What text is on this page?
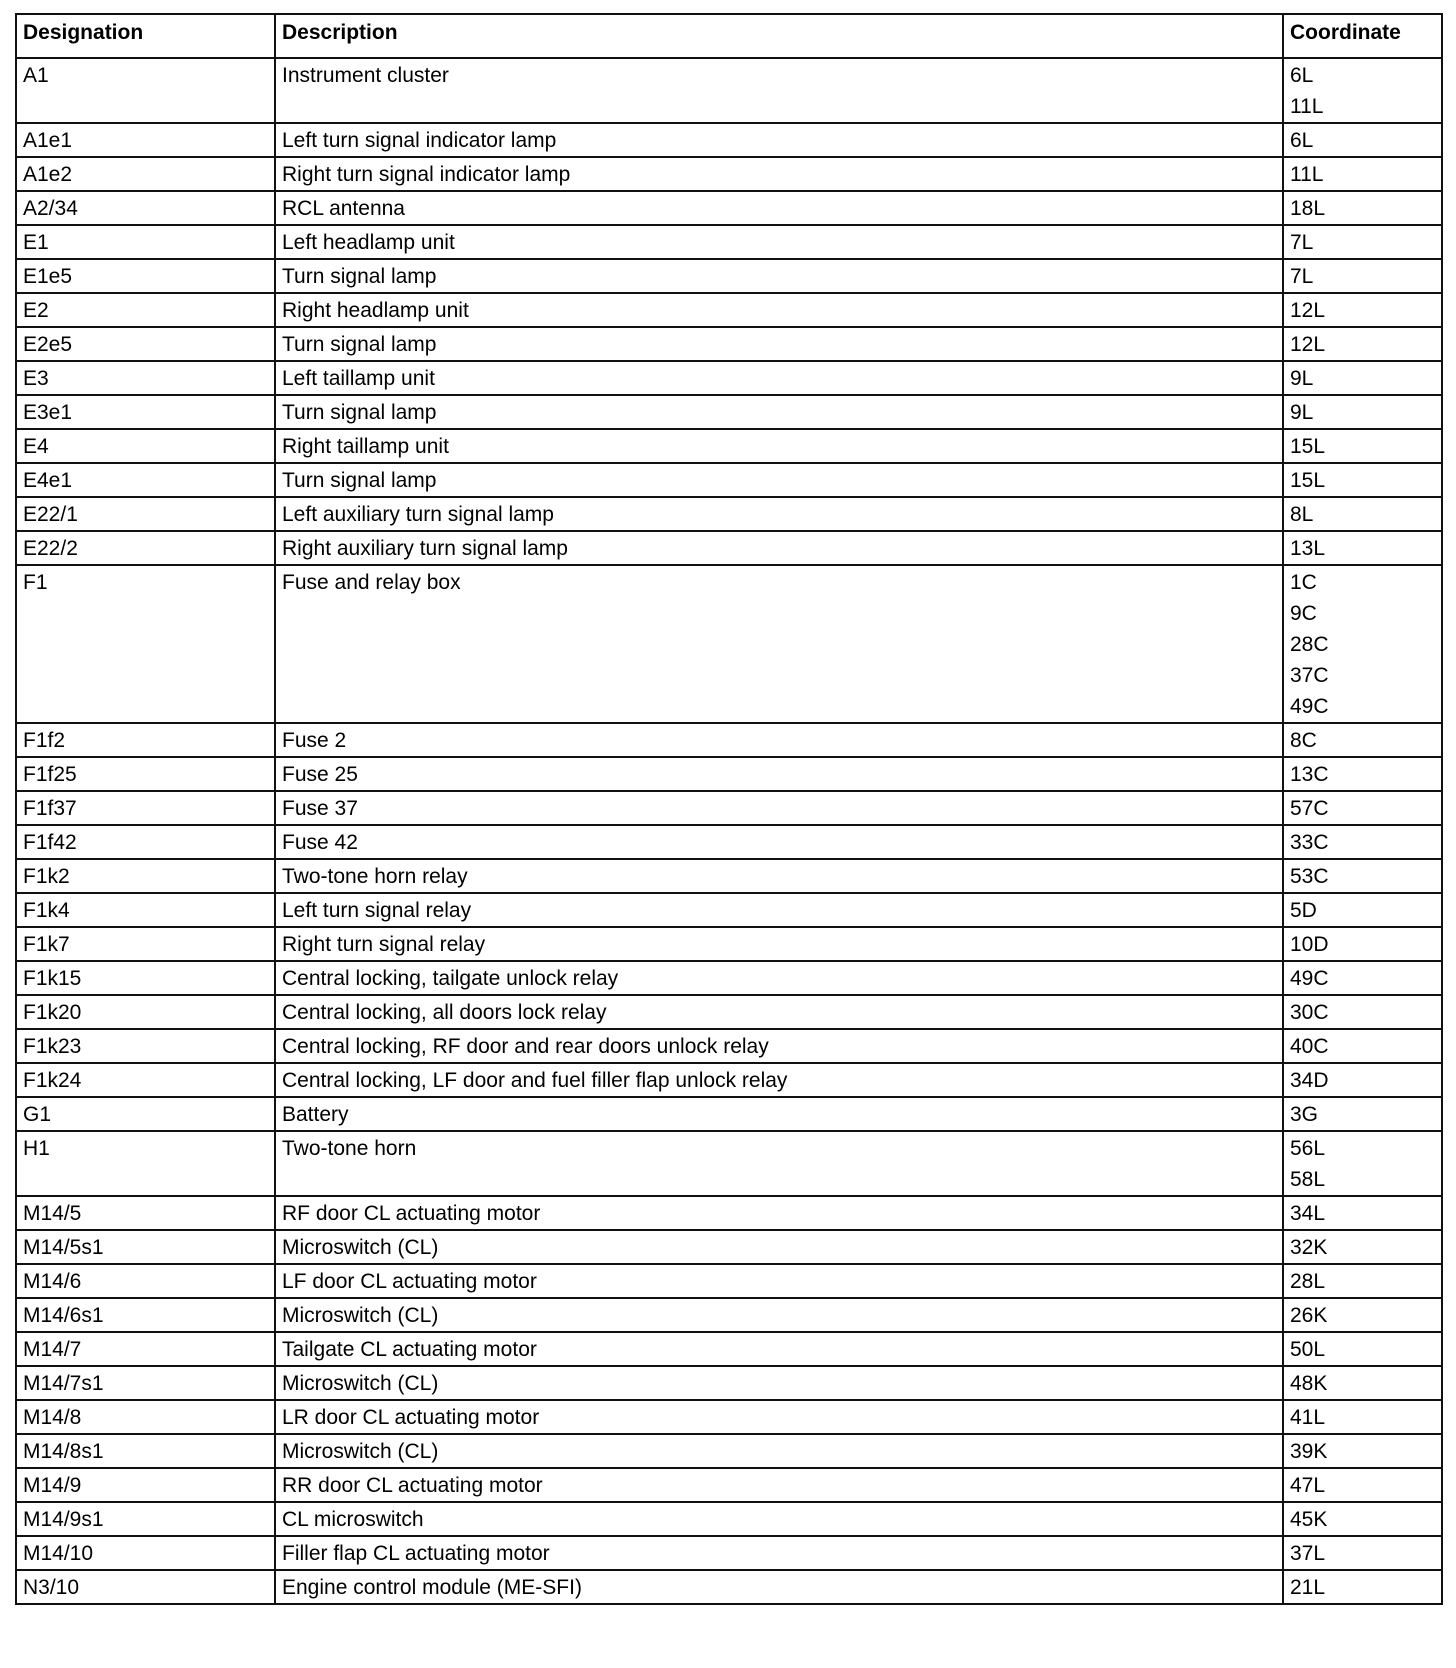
Designation	Description	Coordinate
A1	Instrument cluster	6L
11L

A1e1	Left turn signal indicator lamp	6L

A1e2	Right turn signal indicator lamp	11L

A2/34	RCL antenna	18L

E1	Left headlamp unit	7L

E1e5	Turn signal lamp	7L

E2	Right headlamp unit	12L

E2e5	Turn signal lamp	12L

E3	Left taillamp unit	9L

E3e1	Turn signal lamp	9L

E4	Right taillamp unit	15L

E4e1	Turn signal lamp	15L

E22/1	Left auxiliary turn signal lamp	8L

E22/2	Right auxiliary turn signal lamp	13L

F1	Fuse and relay box	1C
9C
28C
37C
49C

F1f2	Fuse 2	8C

F1f25	Fuse 25	13C

F1f37	Fuse 37	57C

F1f42	Fuse 42	33C

F1k2	Two-tone horn relay	53C

F1k4	Left turn signal relay	5D

F1k7	Right turn signal relay	10D

F1k15	Central locking, tailgate unlock relay	49C

F1k20	Central locking, all doors lock relay	30C

F1k23	Central locking, RF door and rear doors unlock relay	40C

F1k24	Central locking, LF door and fuel filler flap unlock relay	34D

G1	Battery	3G

H1	Two-tone horn	56L
58L

M14/5	RF door CL actuating motor	34L

M14/5s1	Microswitch (CL)	32K

M14/6	LF door CL actuating motor	28L

M14/6s1	Microswitch (CL)	26K

M14/7	Tailgate CL actuating motor	50L

M14/7s1	Microswitch (CL)	48K

M14/8	LR door CL actuating motor	41L

M14/8s1	Microswitch (CL)	39K

M14/9	RR door CL actuating motor	47L

M14/9s1	CL microswitch	45K

M14/10	Filler flap CL actuating motor	37L

N3/10	Engine control module (ME-SFI)	21L
